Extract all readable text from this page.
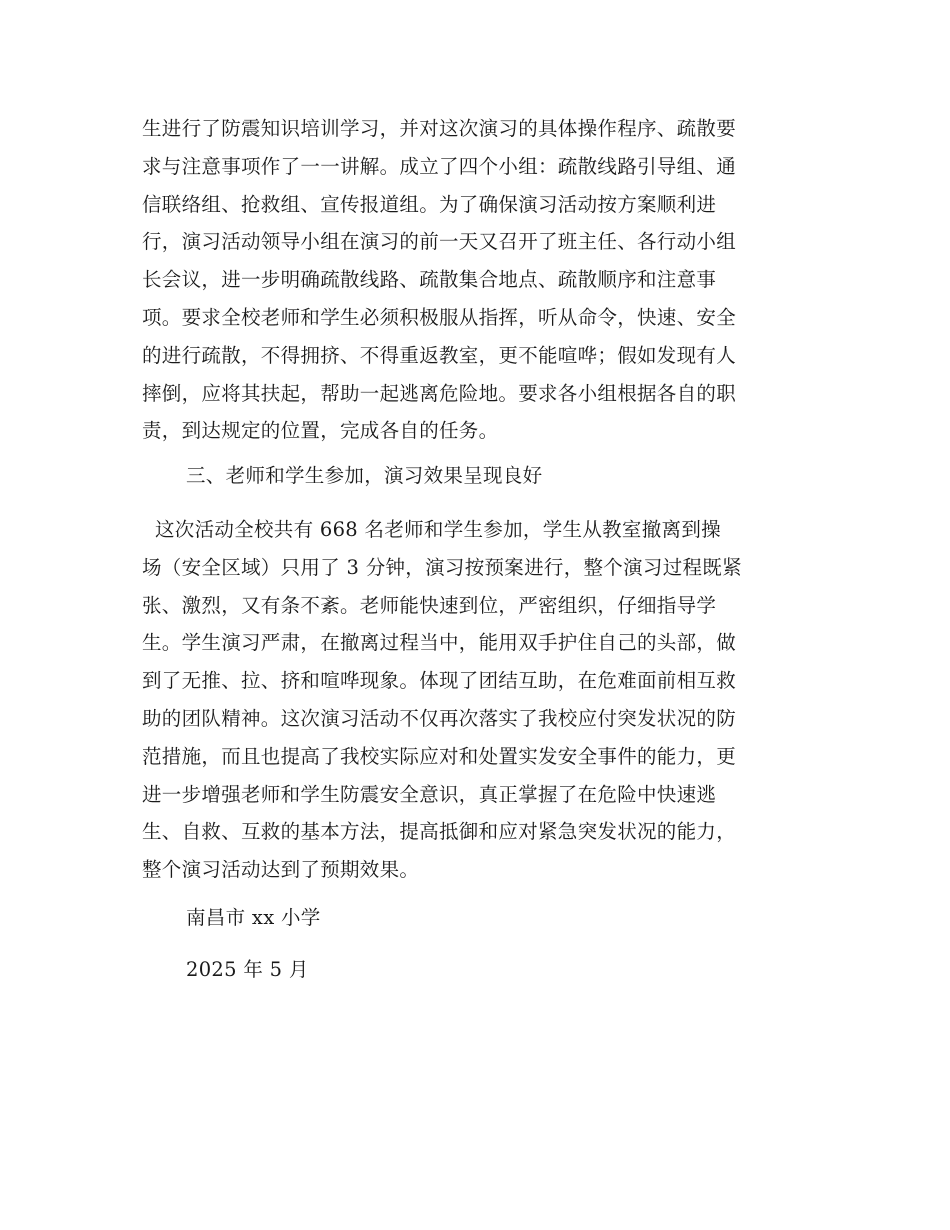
生进行了防震知识培训学习，并对这次演习的具体操作程序、疏散要
求与注意事项作了一一讲解。成立了四个小组：疏散线路引导组、通
信联络组、抢救组、宣传报道组。为了确保演习活动按方案顺利进
行，演习活动领导小组在演习的前一天又召开了班主任、各行动小组
长会议，进一步明确疏散线路、疏散集合地点、疏散顺序和注意事
项。要求全校老师和学生必须积极服从指挥，听从命令，快速、安全
的进行疏散，不得拥挤、不得重返教室，更不能喧哗；假如发现有人
摔倒，应将其扶起，帮助一起逃离危险地。要求各小组根据各自的职
责，到达规定的位置，完成各自的任务。

三、老师和学生参加，演习效果呈现良好

这次活动全校共有 668 名老师和学生参加，学生从教室撤离到操
场（安全区域）只用了 3 分钟，演习按预案进行，整个演习过程既紧
张、激烈，又有条不紊。老师能快速到位，严密组织，仔细指导学
生。学生演习严肃，在撤离过程当中，能用双手护住自己的头部，做
到了无推、拉、挤和喧哗现象。体现了团结互助，在危难面前相互救
助的团队精神。这次演习活动不仅再次落实了我校应付突发状况的防
范措施，而且也提高了我校实际应对和处置实发安全事件的能力，更
进一步增强老师和学生防震安全意识，真正掌握了在危险中快速逃
生、自救、互救的基本方法，提高抵御和应对紧急突发状况的能力，
整个演习活动达到了预期效果。

南昌市 xx 小学

2025 年 5 月
